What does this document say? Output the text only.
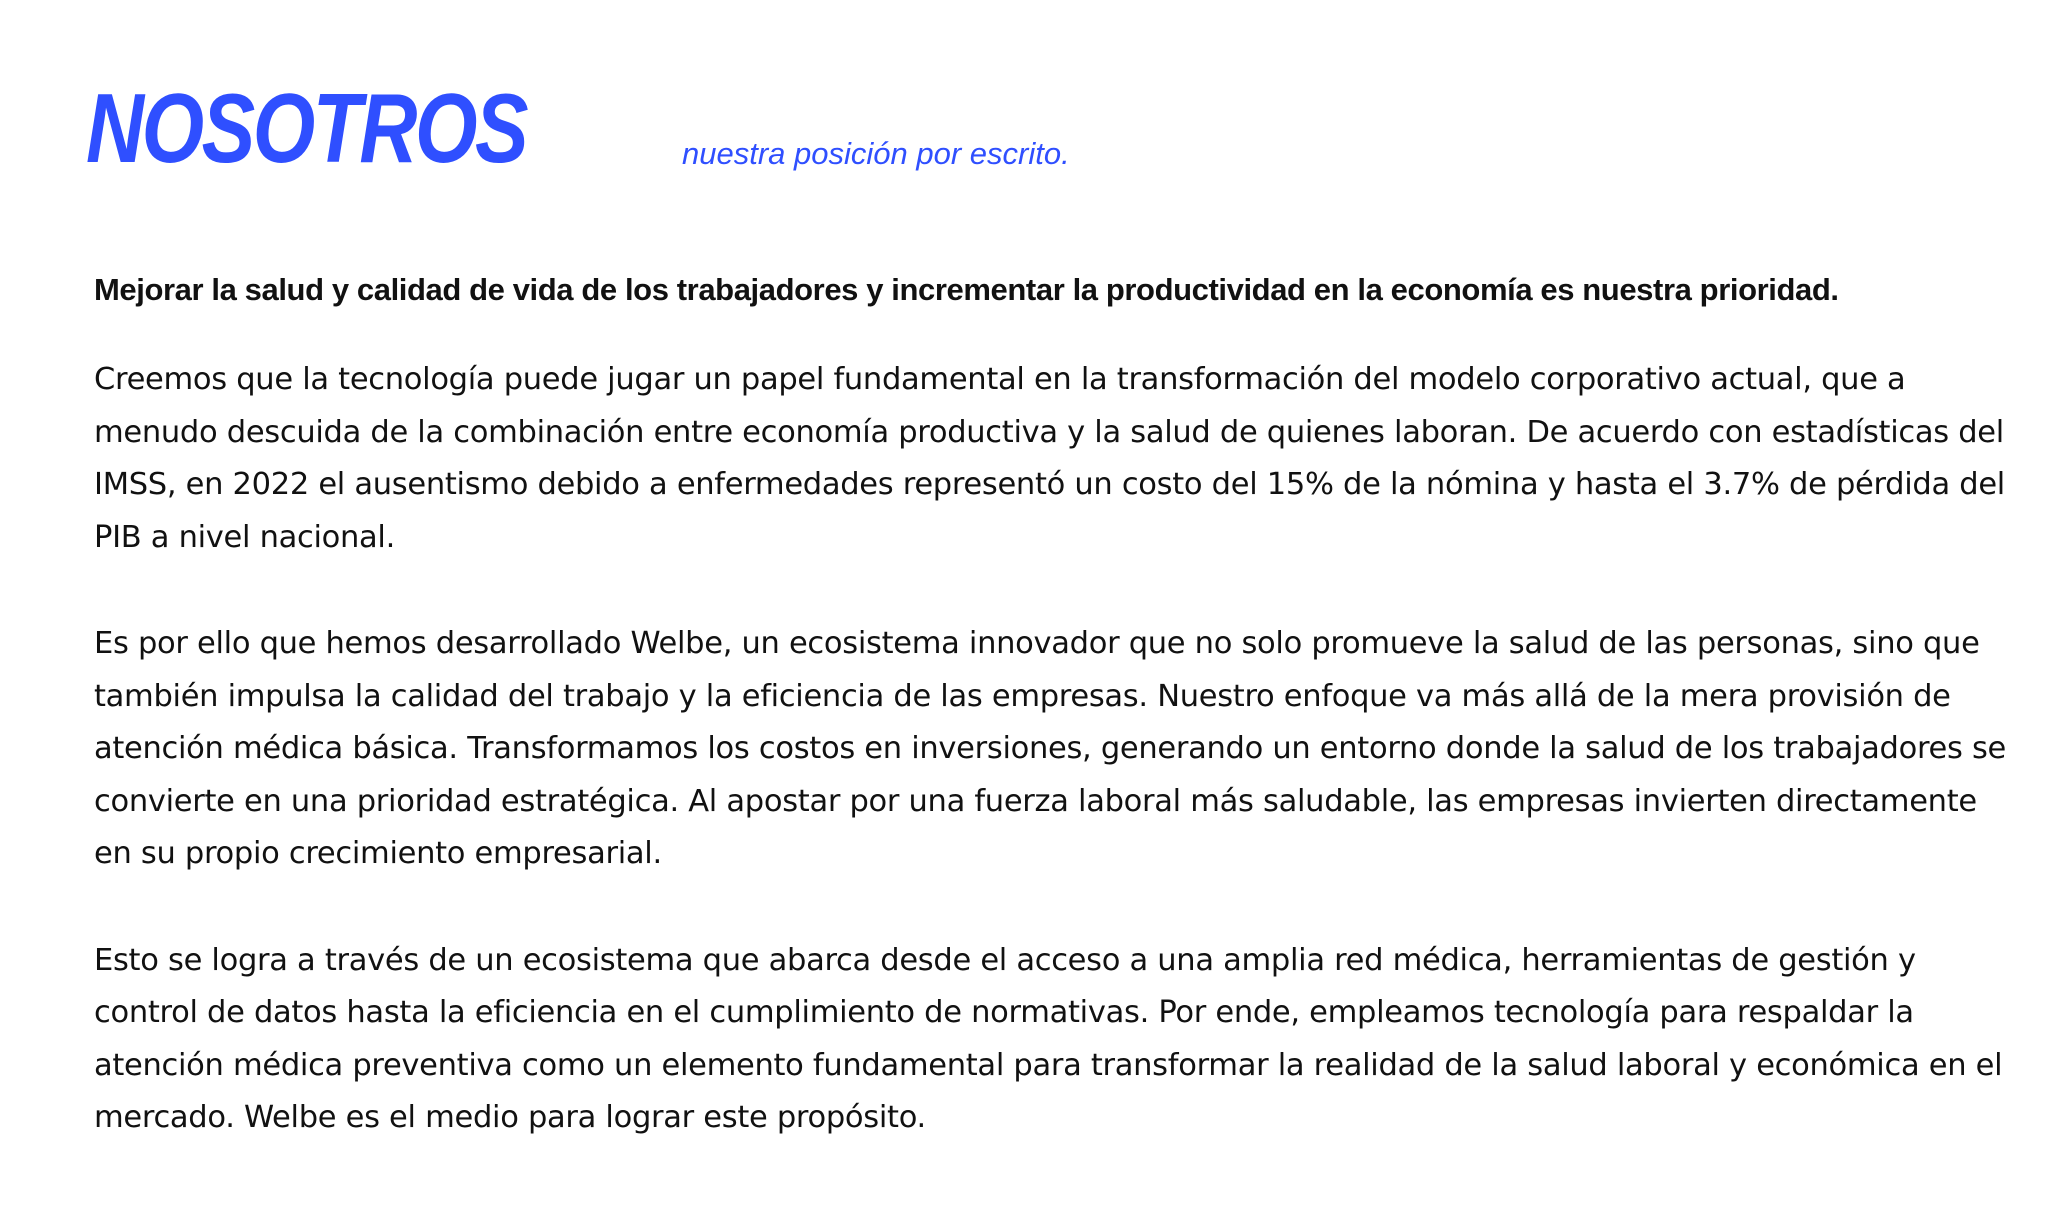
NOSOTROS	nuestra posición por escrito.

Mejorar la salud y calidad de vida de los trabajadores y incrementar la productividad en la economía es nuestra prioridad.

Creemos que la tecnología puede jugar un papel fundamental en la transformación del modelo corporativo actual, que a menudo descuida de la combinación entre economía productiva y la salud de quienes laboran. De acuerdo con estadísticas del IMSS, en 2022 el ausentismo debido a enfermedades representó un costo del 15% de la nómina y hasta el 3.7% de pérdida del PIB a nivel nacional.

Es por ello que hemos desarrollado Welbe, un ecosistema innovador que no solo promueve la salud de las personas, sino que también impulsa la calidad del trabajo y la eficiencia de las empresas. Nuestro enfoque va más allá de la mera provisión de atención médica básica. Transformamos los costos en inversiones, generando un entorno donde la salud de los trabajadores se convierte en una prioridad estratégica. Al apostar por una fuerza laboral más saludable, las empresas invierten directamente en su propio crecimiento empresarial.

Esto se logra a través de un ecosistema que abarca desde el acceso a una amplia red médica, herramientas de gestión y control de datos hasta la eficiencia en el cumplimiento de normativas. Por ende, empleamos tecnología para respaldar la atención médica preventiva como un elemento fundamental para transformar la realidad de la salud laboral y económica en el mercado. Welbe es el medio para lograr este propósito.
